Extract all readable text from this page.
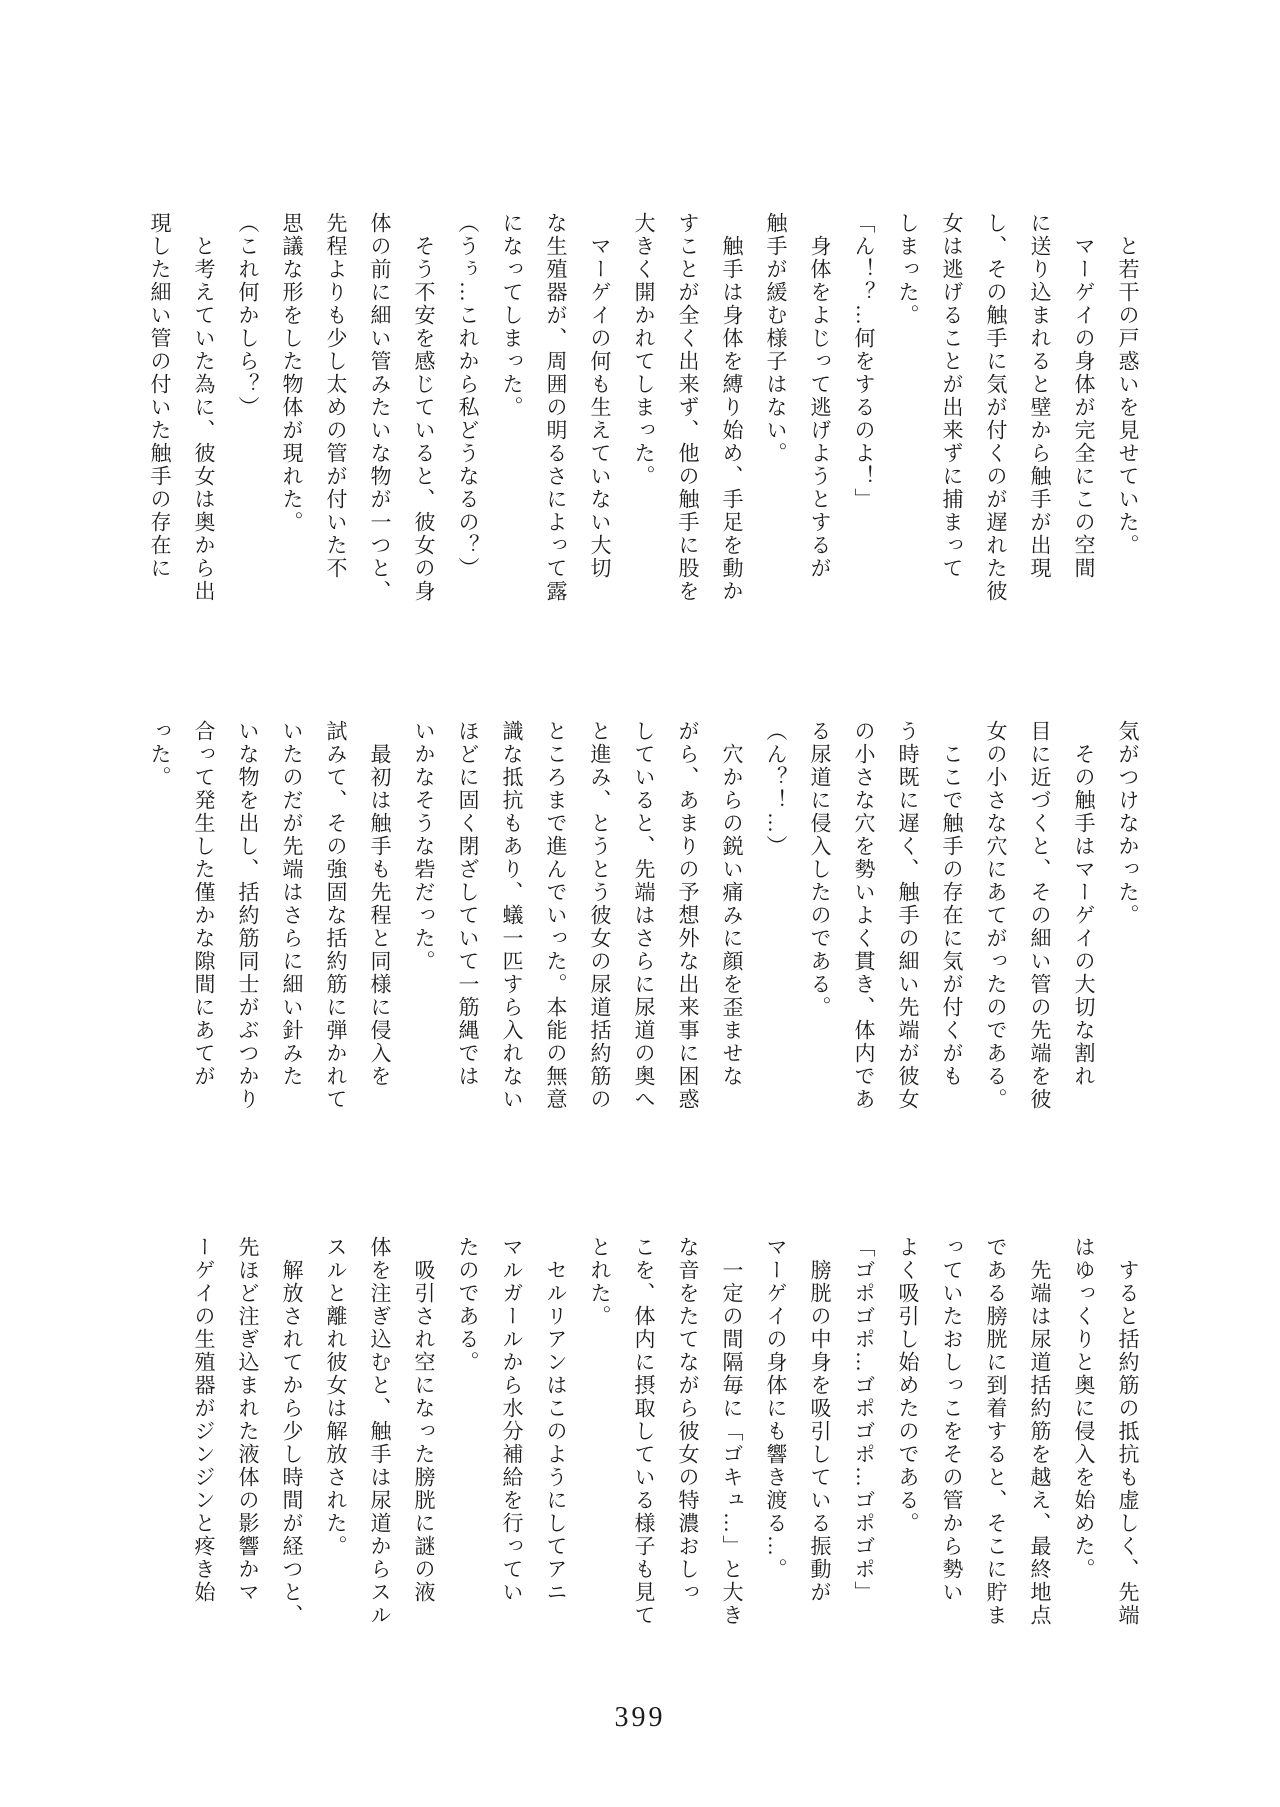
　と若干の戸惑いを見せていた。

　マーゲイの身体が完全にこの空間

に送り込まれると壁から触手が出現

し、その触手に気が付くのが遅れた彼

女は逃げることが出来ずに捕まって

しまった。

「ん！？…何をするのよ！」

　身体をよじって逃げようとするが

触手が緩む様子はない。

　触手は身体を縛り始め、手足を動か

すことが全く出来ず、他の触手に股を

大きく開かれてしまった。

　マーゲイの何も生えていない大切

な生殖器が、周囲の明るさによって露

になってしまった。

（うぅ…これから私どうなるの？）

　そう不安を感じていると、彼女の身

体の前に細い管みたいな物が一つと、

先程よりも少し太めの管が付いた不

思議な形をした物体が現れた。

（これ何かしら？）

　と考えていた為に、彼女は奥から出

現した細い管の付いた触手の存在に

気がつけなかった。

　その触手はマーゲイの大切な割れ

目に近づくと、その細い管の先端を彼

女の小さな穴にあてがったのである。

　ここで触手の存在に気が付くがも

う時既に遅く、触手の細い先端が彼女

の小さな穴を勢いよく貫き、体内であ

る尿道に侵入したのである。

（ん？！…）

　穴からの鋭い痛みに顔を歪ませな

がら、あまりの予想外な出来事に困惑

していると、先端はさらに尿道の奥へ

と進み、とうとう彼女の尿道括約筋の

ところまで進んでいった。本能の無意

識な抵抗もあり、蟻一匹すら入れない

ほどに固く閉ざしていて一筋縄では

いかなそうな砦だった。

　最初は触手も先程と同様に侵入を

試みて、その強固な括約筋に弾かれて

いたのだが先端はさらに細い針みた

いな物を出し、括約筋同士がぶつかり

合って発生した僅かな隙間にあてが

った。

　すると括約筋の抵抗も虚しく、先端

はゆっくりと奥に侵入を始めた。

　先端は尿道括約筋を越え、最終地点

である膀胱に到着すると、そこに貯ま

っていたおしっこをその管から勢い

よく吸引し始めたのである。

「ゴポゴポ…ゴポゴポ…ゴポゴポ」

　膀胱の中身を吸引している振動が

マーゲイの身体にも響き渡る…。

　一定の間隔毎に「ゴキュ…」と大き

な音をたてながら彼女の特濃おしっ

こを、体内に摂取している様子も見て

とれた。

　セルリアンはこのようにしてアニ

マルガールから水分補給を行ってい

たのである。

　吸引され空になった膀胱に謎の液

体を注ぎ込むと、触手は尿道からスル

スルと離れ彼女は解放された。

　解放されてから少し時間が経つと、

先ほど注ぎ込まれた液体の影響かマ

ーゲイの生殖器がジンジンと疼き始

399
